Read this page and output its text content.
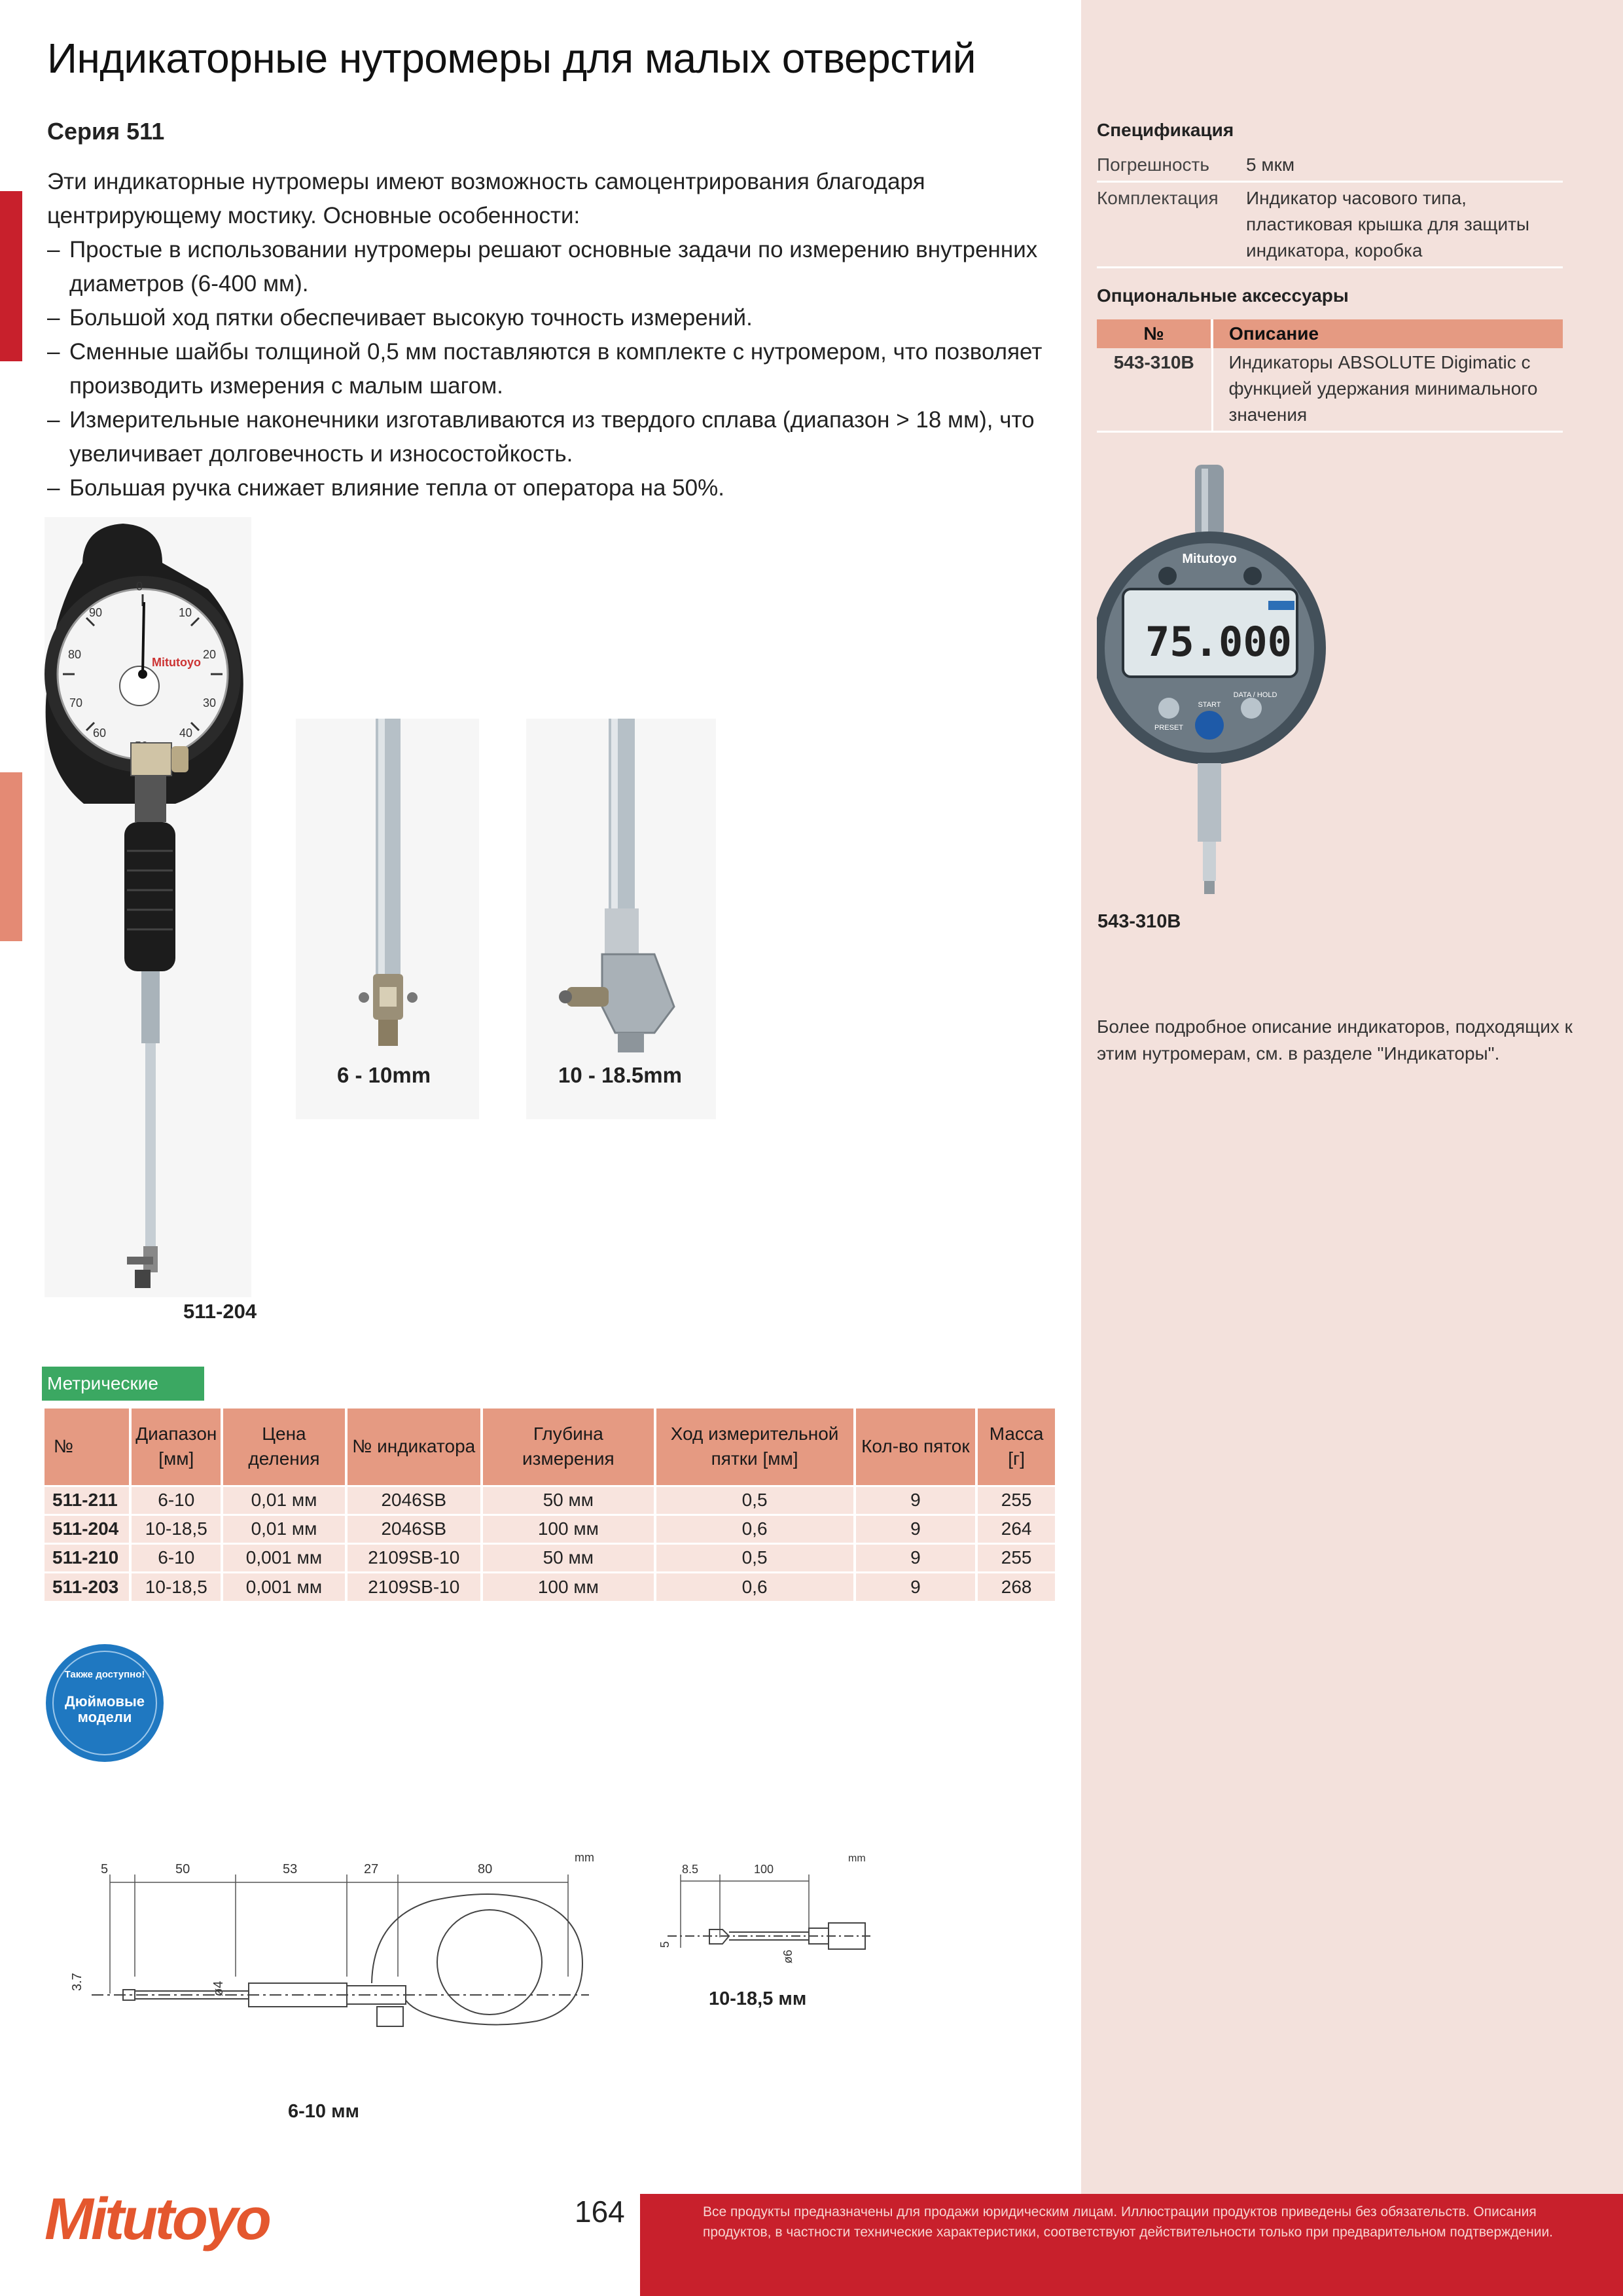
Индикаторные нутромеры для малых отверстий
Серия 511
Эти индикаторные нутромеры имеют возможность самоцентрирования благодаря центрирующему мостику. Основные особенности:
– Простые в использовании нутромеры решают основные задачи по измерению внутренних диаметров (6-400 мм).
– Большой ход пятки обеспечивает высокую точность измерений.
– Сменные шайбы толщиной 0,5 мм поставляются в комплекте с нутромером, что позволяет производить измерения с малым шагом.
– Измерительные наконечники изготавливаются из твердого сплава (диапазон > 18 мм), что увеличивает долговечность и износостойкость.
– Большая ручка снижает влияние тепла от оператора на 50%.
0
10
20
30
40
60
70
80
90
Mitutoyo
511-204
6 - 10mm	10 - 18.5mm
Метрические
№	Диапазон [мм]	Цена деления	№ индикатора	Глубина измерения	Ход измерительной пятки [мм]	Кол-во пяток	Масса [г]
511-211	6-10	0,01 мм	2046SB	50 мм	0,5	9	255
511-204	10-18,5	0,01 мм	2046SB	100 мм	0,6	9	264
511-210	6-10	0,001 мм	2109SB-10	50 мм	0,5	9	255
511-203	10-18,5	0,001 мм	2109SB-10	100 мм	0,6	9	268
Также доступно!
Дюймовые модели
mm
5	50	53	27	80
3.7	ø4
6-10 мм
mm
8.5	100
5
ø6
10-18,5 мм
Спецификация
Погрешность	5 мкм
Комплектация	Индикатор часового типа, пластиковая крышка для защиты индикатора, коробка
Опциональные аксессуары
№	Описание
543-310B	Индикаторы ABSOLUTE Digimatic с функцией удержания минимального значения
Mitutoyo
75.000
PRESET
START
DATA / HOLD
543-310B
Более подробное описание индикаторов, подходящих к этим нутромерам, см. в разделе "Индикаторы".
Mitutoyo	164	Все продукты предназначены для продажи юридическим лицам. Иллюстрации продуктов приведены без обязательств. Описания продуктов, в частности технические характеристики, соответствуют действительности только при предварительном подтверждении.
